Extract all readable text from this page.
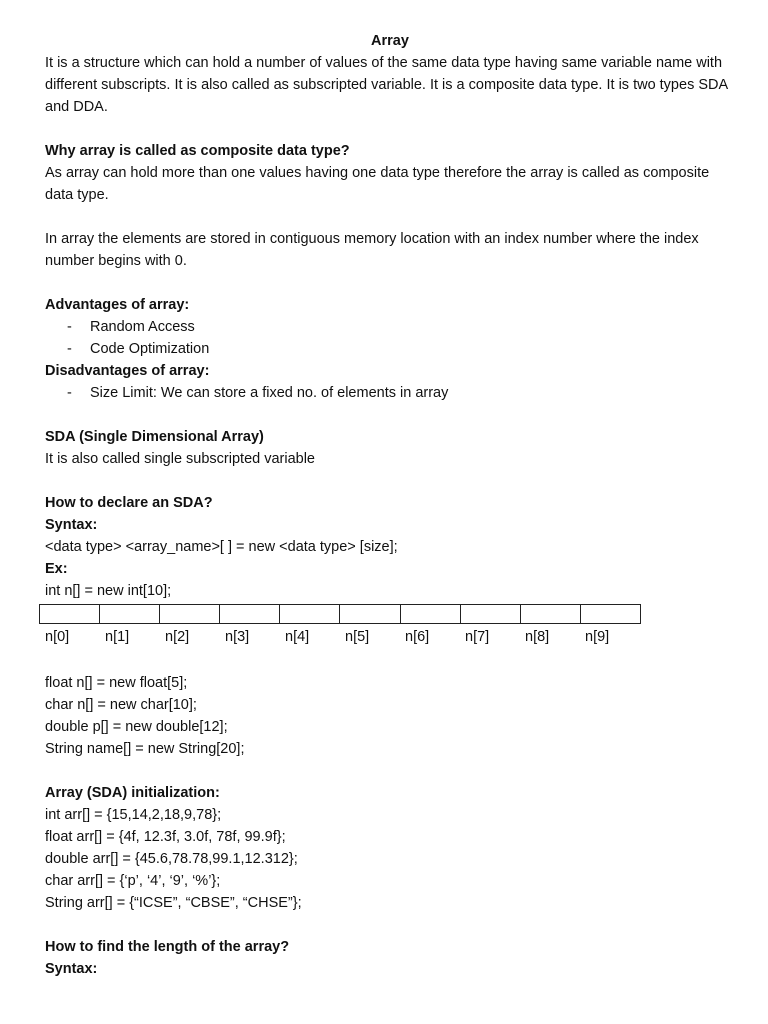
Array

It is a structure which can hold a number of values of the same data type having same variable name with different subscripts. It is also called as subscripted variable. It is a composite data type. It is two types SDA and DDA.

Why array is called as composite data type?

As array can hold more than one values having one data type therefore the array is called as composite data type.

In array the elements are stored in contiguous memory location with an index number where the index number begins with 0.

Advantages of array:

- Random Access
- Code Optimization

Disadvantages of array:

- Size Limit: We can store a fixed no. of elements in array

SDA (Single Dimensional Array)

It is also called single subscripted variable

How to declare an SDA?

Syntax:

<data type> <array_name>[ ] = new <data type> [size];

Ex:

int n[] = new int[10];

n[0]	n[1]	n[2]	n[3]	n[4]	n[5]	n[6]	n[7]	n[8]	n[9]

float n[] = new float[5];

char n[] = new char[10];

double p[] = new double[12];

String name[] = new String[20];

Array (SDA) initialization:

int arr[] = {15,14,2,18,9,78};

float arr[] = {4f, 12.3f, 3.0f, 78f, 99.9f};

double arr[] = {45.6,78.78,99.1,12.312};

char arr[] = {‘p’, ‘4’, ‘9’, ‘%’};

String arr[] = {“ICSE”, “CBSE”, “CHSE”};

How to find the length of the array?

Syntax:
